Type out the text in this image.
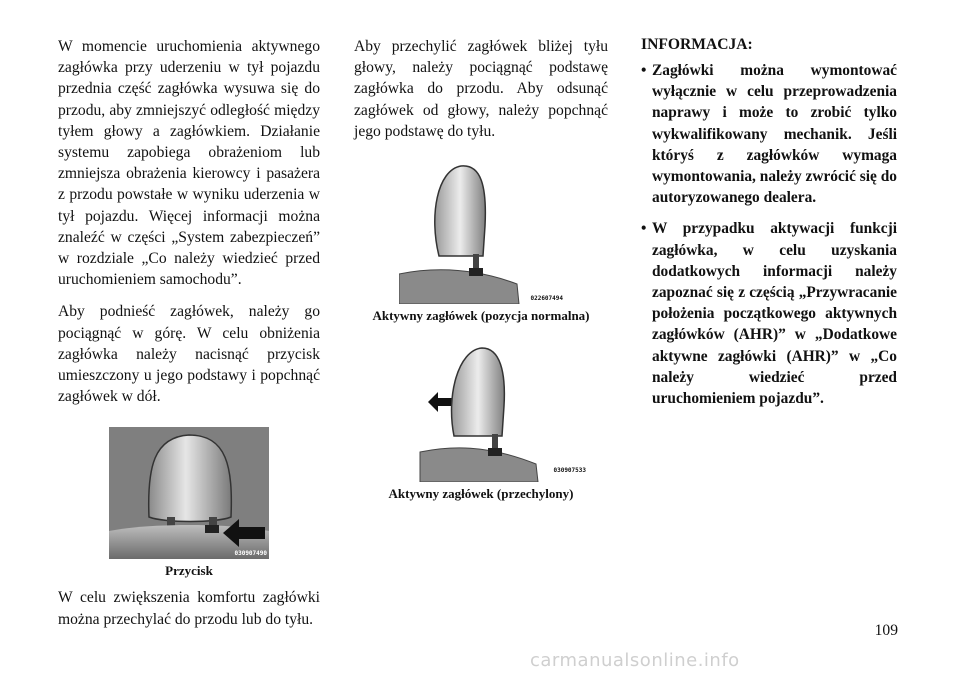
W momencie uruchomienia aktywnego zagłówka przy uderzeniu w tył pojazdu przednia część zagłówka wysuwa się do przodu, aby zmniejszyć odległość między tyłem głowy a zagłówkiem. Działanie systemu zapobiega obrażeniom lub zmniejsza obrażenia kierowcy i pasażera z przodu powstałe w wyniku uderzenia w tył pojazdu. Więcej informacji można znaleźć w części „System zabezpieczeń” w rozdziale „Co należy wiedzieć przed uruchomieniem samochodu”.

Aby podnieść zagłówek, należy go pociągnąć w górę. W celu obniżenia zagłówka należy nacisnąć przycisk umieszczony u jego podstawy i popchnąć zagłówek w dół.

030907490
Przycisk

W celu zwiększenia komfortu zagłówki można przechylać do przodu lub do tyłu.

Aby przechylić zagłówek bliżej tyłu głowy, należy pociągnąć podstawę zagłówka do przodu. Aby odsunąć zagłówek od głowy, należy popchnąć jego podstawę do tyłu.

022607494
Aktywny zagłówek (pozycja normalna)
030907533
Aktywny zagłówek (przechylony)
INFORMACJA:
• Zagłówki można wymontować wyłącznie w celu przeprowadzenia naprawy i może to zrobić tylko wykwalifikowany mechanik. Jeśli któryś z zagłówków wymaga wymontowania, należy zwrócić się do autoryzowanego dealera.
• W przypadku aktywacji funkcji zagłówka, w celu uzyskania dodatkowych informacji należy zapoznać się z częścią „Przywracanie położenia początkowego aktywnych zagłówków (AHR)” w „Dodatkowe aktywne zagłówki (AHR)” w „Co należy wiedzieć przed uruchomieniem pojazdu”.
109
carmanualsonline.info
